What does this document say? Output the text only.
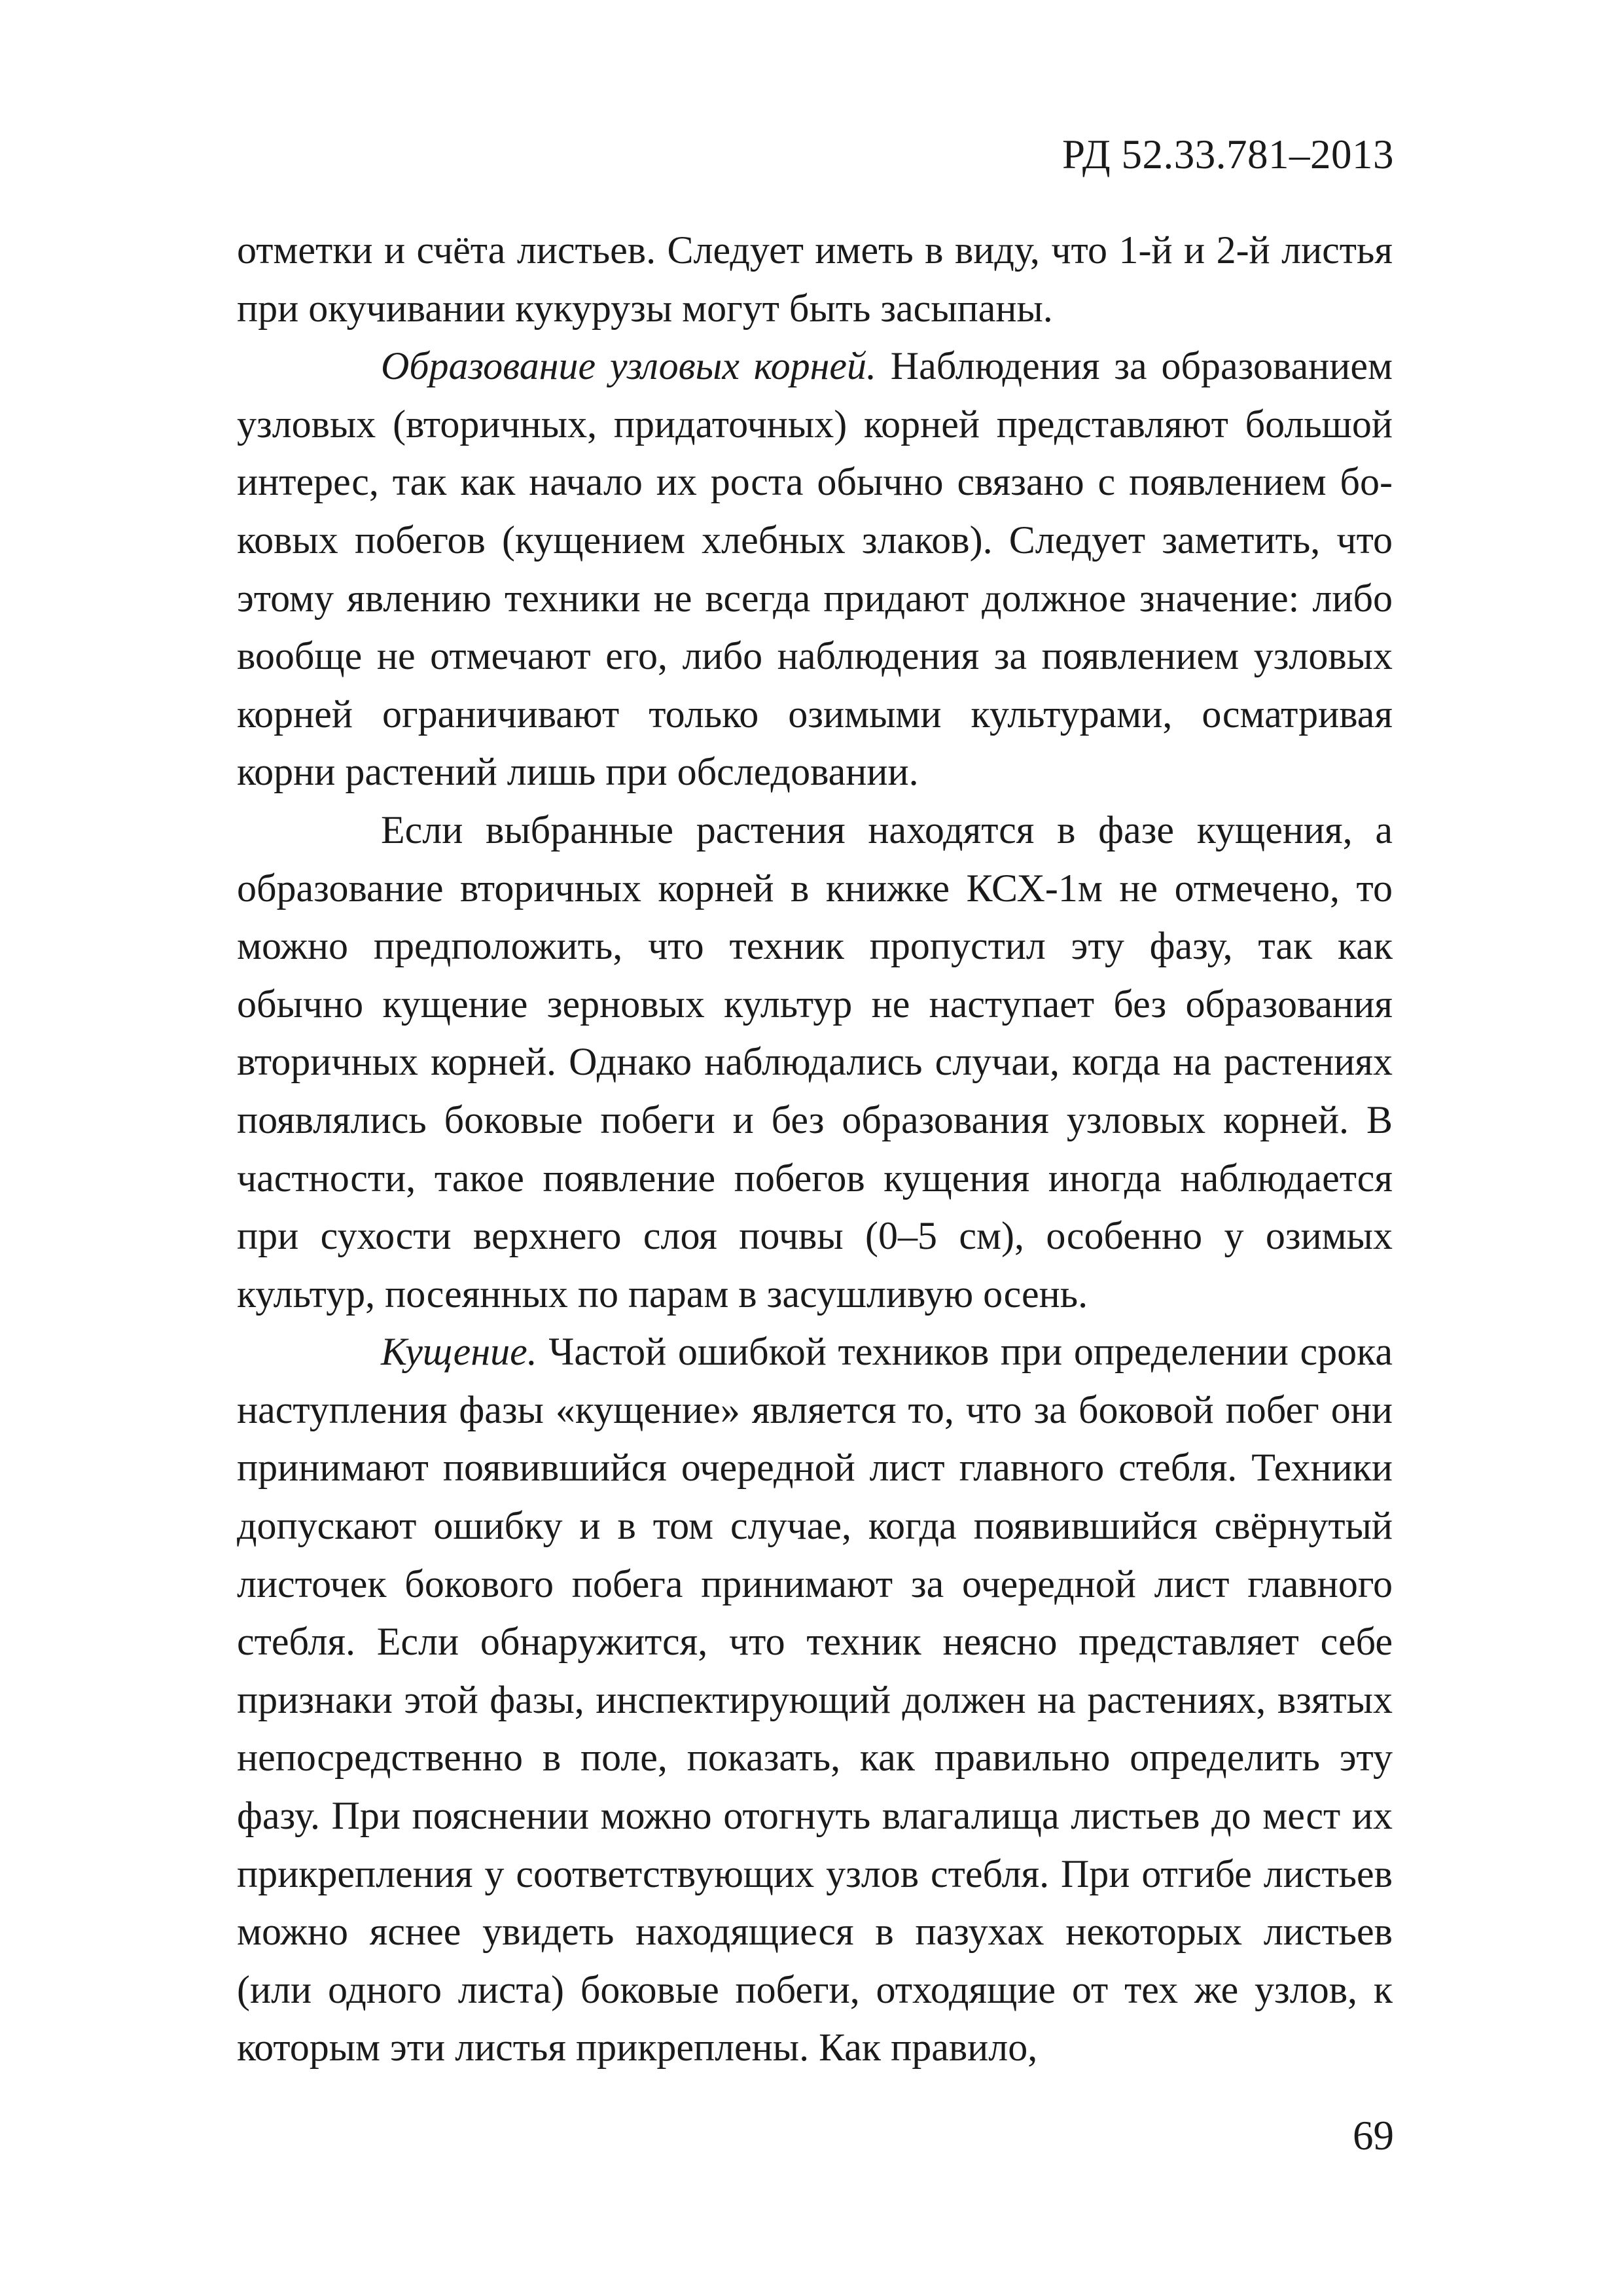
РД 52.33.781–2013

отметки и счёта листьев. Следует иметь в виду, что 1-й и 2-й листья при окучивании кукурузы могут быть засыпаны.

Образование узловых корней. Наблюдения за образованием узловых (вторичных, придаточных) корней представляют большой интерес, так как начало их роста обычно связано с появлением боковых побегов (кущением хлебных злаков). Следует заметить, что этому явлению техники не всегда придают должное значение: либо вообще не отмечают его, либо наблюдения за появлением узловых корней ограничивают только озимыми культурами, осматривая корни растений лишь при обследовании.

Если выбранные растения находятся в фазе кущения, а образование вторичных корней в книжке КСХ-1м не отмечено, то можно предположить, что техник пропустил эту фазу, так как обычно кущение зерновых культур не наступает без образования вторичных корней. Однако наблюдались случаи, когда на растениях появлялись боковые побеги и без образования узловых корней. В частности, такое появление побегов кущения иногда наблюдается при сухости верхнего слоя почвы (0–5 см), особенно у озимых культур, посеянных по парам в засушливую осень.

Кущение. Частой ошибкой техников при определении срока наступления фазы «кущение» является то, что за боковой побег они принимают появившийся очередной лист главного стебля. Техники допускают ошибку и в том случае, когда появившийся свёрнутый листочек бокового побега принимают за очередной лист главного стебля. Если обнаружится, что техник неясно представляет себе признаки этой фазы, инспектирующий должен на растениях, взятых непосредственно в поле, показать, как правильно определить эту фазу. При пояснении можно отогнуть влагалища листьев до мест их прикрепления у соответствующих узлов стебля. При отгибе листьев можно яснее увидеть находящиеся в пазухах некоторых листьев (или одного листа) боковые побеги, отходящие от тех же узлов, к которым эти листья прикреплены. Как правило,

69
